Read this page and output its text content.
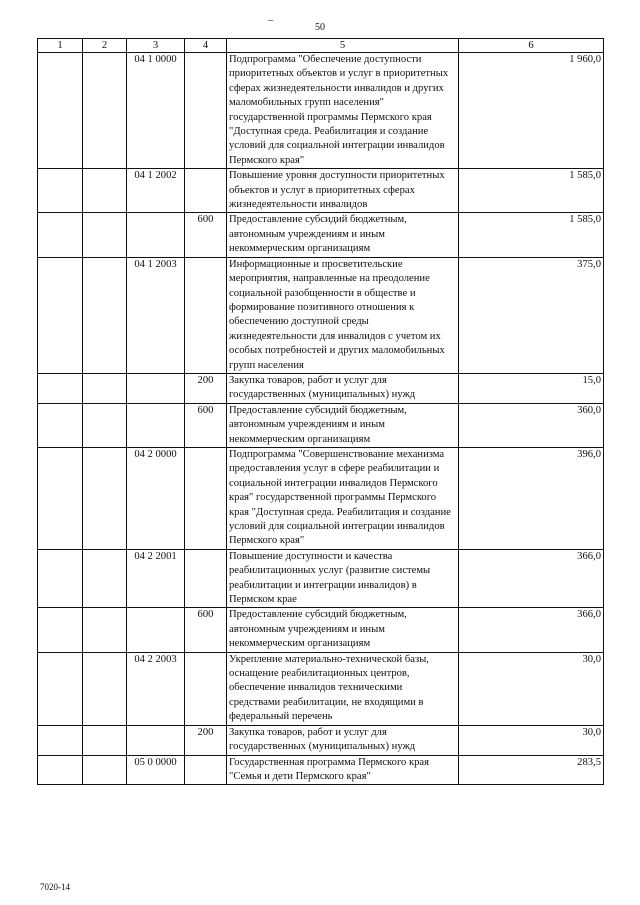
_
50
1	2	3	4	5	6
		04 1 0000		Подпрограмма "Обеспечение доступности приоритетных объектов и услуг в приоритетных сферах жизнедеятельности инвалидов и других маломобильных групп населения" государственной программы Пермского края "Доступная среда. Реабилитация и создание условий для социальной интеграции инвалидов Пермского края"	1 960,0
		04 1 2002		Повышение уровня доступности приоритетных объектов и услуг в приоритетных сферах жизнедеятельности инвалидов	1 585,0
			600	Предоставление субсидий бюджетным, автономным учреждениям и иным некоммерческим организациям	1 585,0
		04 1 2003		Информационные и просветительские мероприятия, направленные на преодоление социальной разобщенности в обществе и формирование позитивного отношения к обеспечению доступной среды жизнедеятельности для инвалидов с учетом их особых потребностей и других маломобильных групп населения	375,0
			200	Закупка товаров, работ и услуг для государственных (муниципальных) нужд	15,0
			600	Предоставление субсидий бюджетным, автономным учреждениям и иным некоммерческим организациям	360,0
		04 2 0000		Подпрограмма "Совершенствование механизма предоставления услуг в сфере реабилитации и социальной интеграции инвалидов Пермского края" государственной программы Пермского края "Доступная среда. Реабилитация и создание условий для социальной интеграции инвалидов Пермского края"	396,0
		04 2 2001		Повышение доступности и качества реабилитационных услуг (развитие системы реабилитации и интеграции инвалидов) в Пермском крае	366,0
			600	Предоставление субсидий бюджетным, автономным учреждениям и иным некоммерческим организациям	366,0
		04 2 2003		Укрепление материально-технической базы, оснащение реабилитационных центров, обеспечение инвалидов техническими средствами реабилитации, не входящими в федеральный перечень	30,0
			200	Закупка товаров, работ и услуг для государственных (муниципальных) нужд	30,0
		05 0 0000		Государственная программа Пермского края "Семья и дети Пермского края"	283,5
7020-14
